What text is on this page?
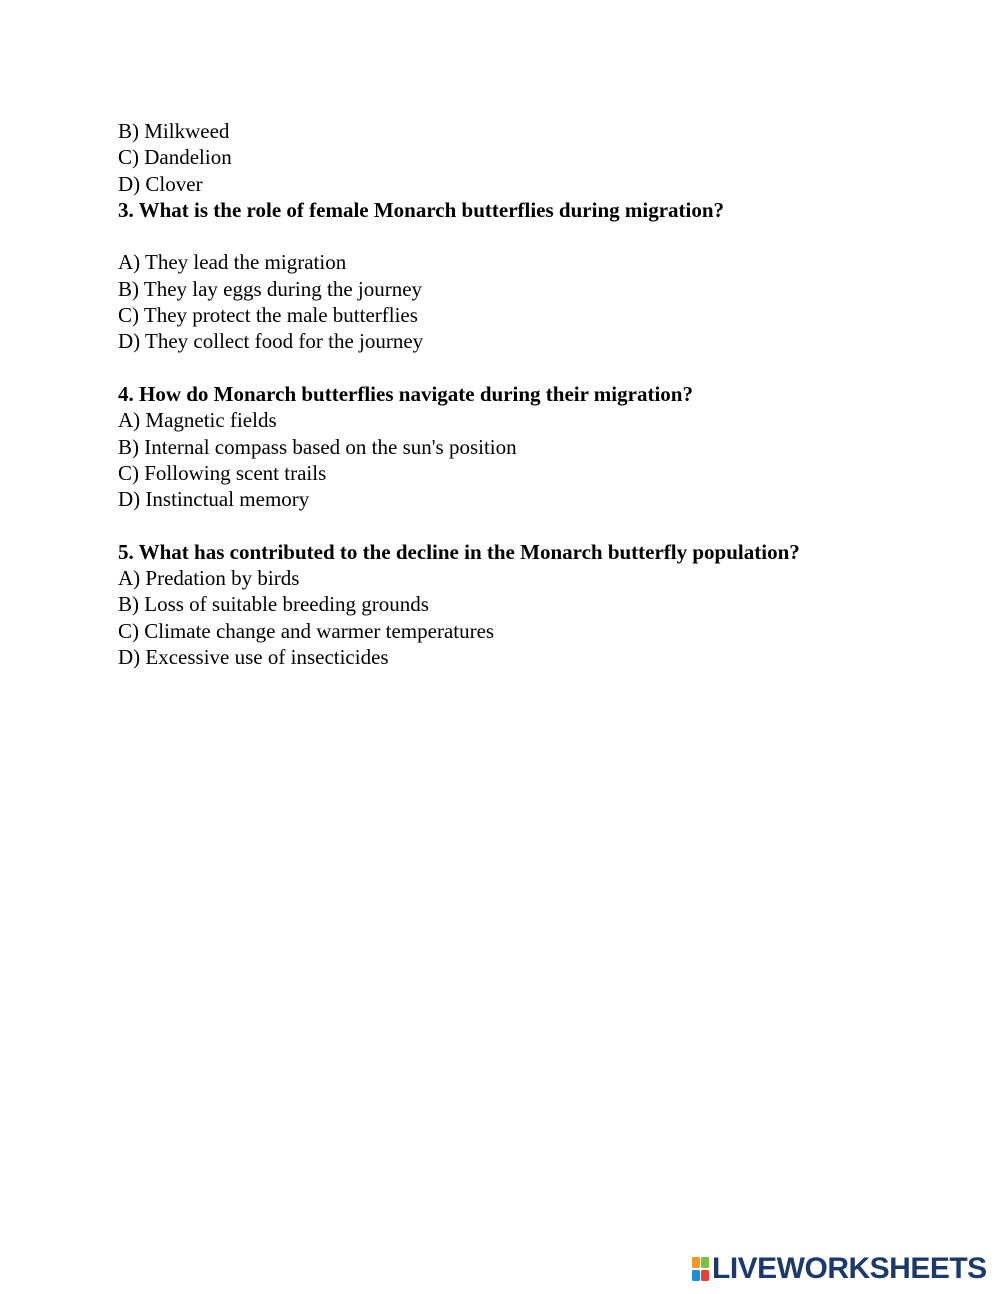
B) Milkweed
C) Dandelion
D) Clover
3. What is the role of female Monarch butterflies during migration?
A) They lead the migration
B) They lay eggs during the journey
C) They protect the male butterflies
D) They collect food for the journey
4. How do Monarch butterflies navigate during their migration?
A) Magnetic fields
B) Internal compass based on the sun's position
C) Following scent trails
D) Instinctual memory
5. What has contributed to the decline in the Monarch butterfly population?
A) Predation by birds
B) Loss of suitable breeding grounds
C) Climate change and warmer temperatures
D) Excessive use of insecticides
LIVEWORKSHEETS
